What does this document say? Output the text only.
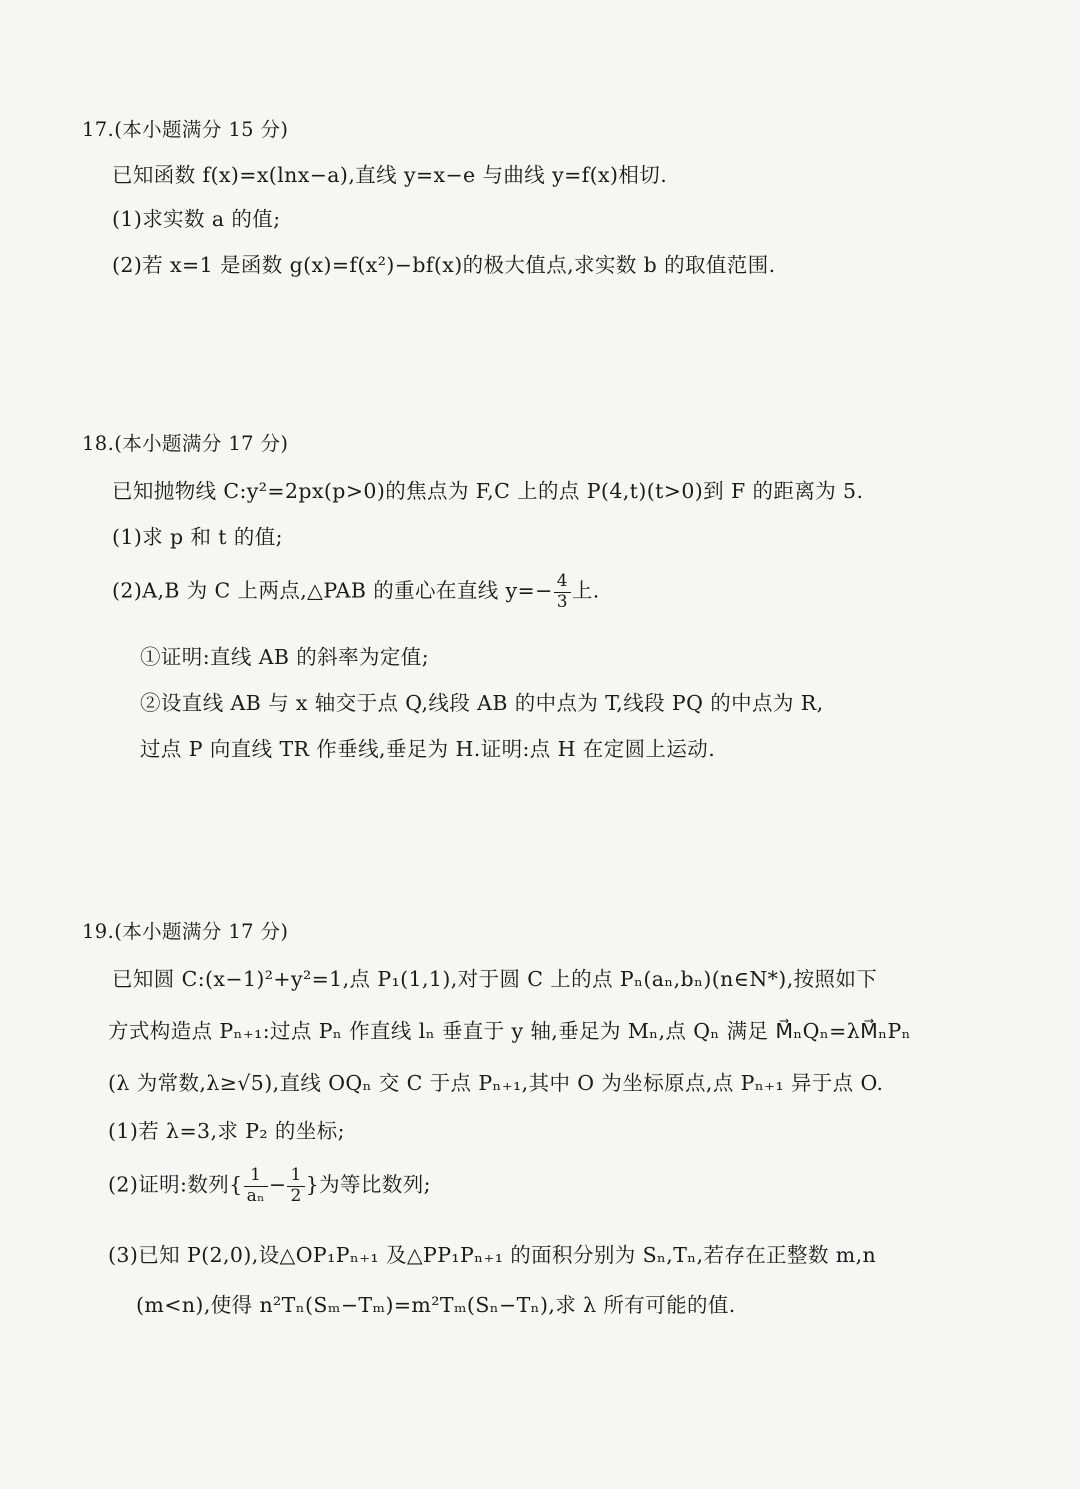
17.(本小题满分 15 分)
已知函数 f(x)=x(lnx−a),直线 y=x−e 与曲线 y=f(x)相切.
(1)求实数 a 的值;
(2)若 x=1 是函数 g(x)=f(x²)−bf(x)的极大值点,求实数 b 的取值范围.
18.(本小题满分 17 分)
已知抛物线 C:y²=2px(p>0)的焦点为 F,C 上的点 P(4,t)(t>0)到 F 的距离为 5.
(1)求 p 和 t 的值;
(2)A,B 为 C 上两点,△PAB 的重心在直线 $y=- \frac{4}{3}$ 上.
①证明:直线 AB 的斜率为定值;
②设直线 AB 与 x 轴交于点 Q,线段 AB 的中点为 T,线段 PQ 的中点为 R,
过点 P 向直线 TR 作垂线,垂足为 H.证明:点 H 在定圆上运动.
19.(本小题满分 17 分)
已知圆 C:(x−1)²+y²=1,点 P₁(1,1),对于圆 C 上的点 Pₙ(aₙ,bₙ)(n∈N*),按照如下
方式构造点 Pₙ₊₁:过点 Pₙ 作直线 lₙ 垂直于 y 轴,垂足为 Mₙ,点 Qₙ 满足 M⃗ₙQₙ=λM⃗ₙPₙ
(λ 为常数,λ≥√5),直线 OQₙ 交 C 于点 Pₙ₊₁,其中 O 为坐标原点,点 Pₙ₊₁ 异于点 O.
(1)若 λ=3,求 P₂ 的坐标;
(2)证明:数列{ $\frac{1}{\text{aₙ}} - \frac{1}{2}$ }为等比数列;
(3)已知 P(2,0),设△OP₁Pₙ₊₁ 及△PP₁Pₙ₊₁ 的面积分别为 Sₙ,Tₙ,若存在正整数 m,n
(m<n),使得 n²Tₙ(Sₘ−Tₘ)=m²Tₘ(Sₙ−Tₙ),求 λ 所有可能的值.
